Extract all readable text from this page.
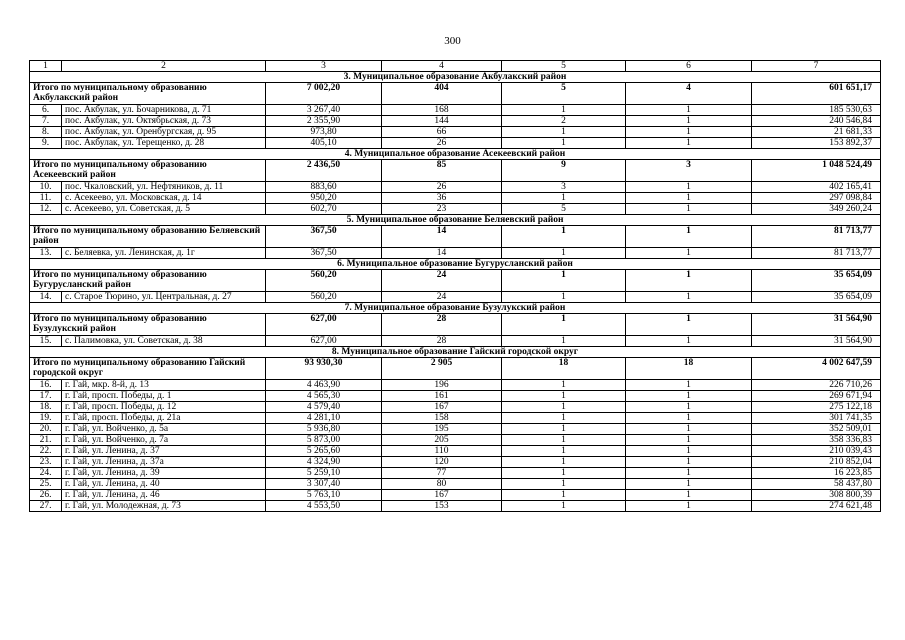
300
1	2	3	4	5	6	7
3. Муниципальное образование Акбулакский район						
Итого по муниципальному образованию Акбулакский район		7 002,20	404	5	4	601 651,17
6.	пос. Акбулак, ул. Бочарникова, д. 71	3 267,40	168	1	1	185 530,63
7.	пос. Акбулак, ул. Октябрьская, д. 73	2 355,90	144	2	1	240 546,84
8.	пос. Акбулак, ул. Оренбургская, д. 95	973,80	66	1	1	21 681,33
9.	пос. Акбулак, ул. Терещенко, д. 28	405,10	26	1	1	153 892,37
4. Муниципальное образование Асекеевский район						
Итого по муниципальному образованию Асекеевский район		2 436,50	85	9	3	1 048 524,49
10.	пос. Чкаловский, ул. Нефтяников, д. 11	883,60	26	3	1	402 165,41
11.	с. Асекеево, ул. Московская, д. 14	950,20	36	1	1	297 098,84
12.	с. Асекеево, ул. Советская, д. 5	602,70	23	5	1	349 260,24
5. Муниципальное образование Беляевский район						
Итого по муниципальному образованию Беляевский район		367,50	14	1	1	81 713,77
13.	с. Беляевка, ул. Ленинская, д. 1г	367,50	14	1	1	81 713,77
6. Муниципальное образование Бугурусланский район						
Итого по муниципальному образованию Бугурусланский район		560,20	24	1	1	35 654,09
14.	с. Старое Тюрино, ул. Центральная, д. 27	560,20	24	1	1	35 654,09
7. Муниципальное образование Бузулукский район						
Итого по муниципальному образованию Бузулукский район		627,00	28	1	1	31 564,90
15.	с. Палимовка, ул. Советская, д. 38	627,00	28	1	1	31 564,90
8. Муниципальное образование Гайский городской округ						
Итого по муниципальному образованию Гайский городской округ		93 930,30	2 905	18	18	4 002 647,59
16.	г. Гай, мкр. 8-й, д. 13	4 463,90	196	1	1	226 710,26
17.	г. Гай, просп. Победы, д. 1	4 565,30	161	1	1	269 671,94
18.	г. Гай, просп. Победы, д. 12	4 579,40	167	1	1	275 122,18
19.	г. Гай, просп. Победы, д. 21а	4 281,10	158	1	1	301 741,35
20.	г. Гай, ул. Войченко, д. 5а	5 936,80	195	1	1	352 509,01
21.	г. Гай, ул. Войченко, д. 7а	5 873,00	205	1	1	358 336,83
22.	г. Гай, ул. Ленина, д. 37	5 265,60	110	1	1	210 039,43
23.	г. Гай, ул. Ленина, д. 37а	4 324,90	120	1	1	210 852,04
24.	г. Гай, ул. Ленина, д. 39	5 259,10	77	1	1	16 223,85
25.	г. Гай, ул. Ленина, д. 40	3 307,40	80	1	1	58 437,80
26.	г. Гай, ул. Ленина, д. 46	5 763,10	167	1	1	308 800,39
27.	г. Гай, ул. Молодежная, д. 73	4 553,50	153	1	1	274 621,48
